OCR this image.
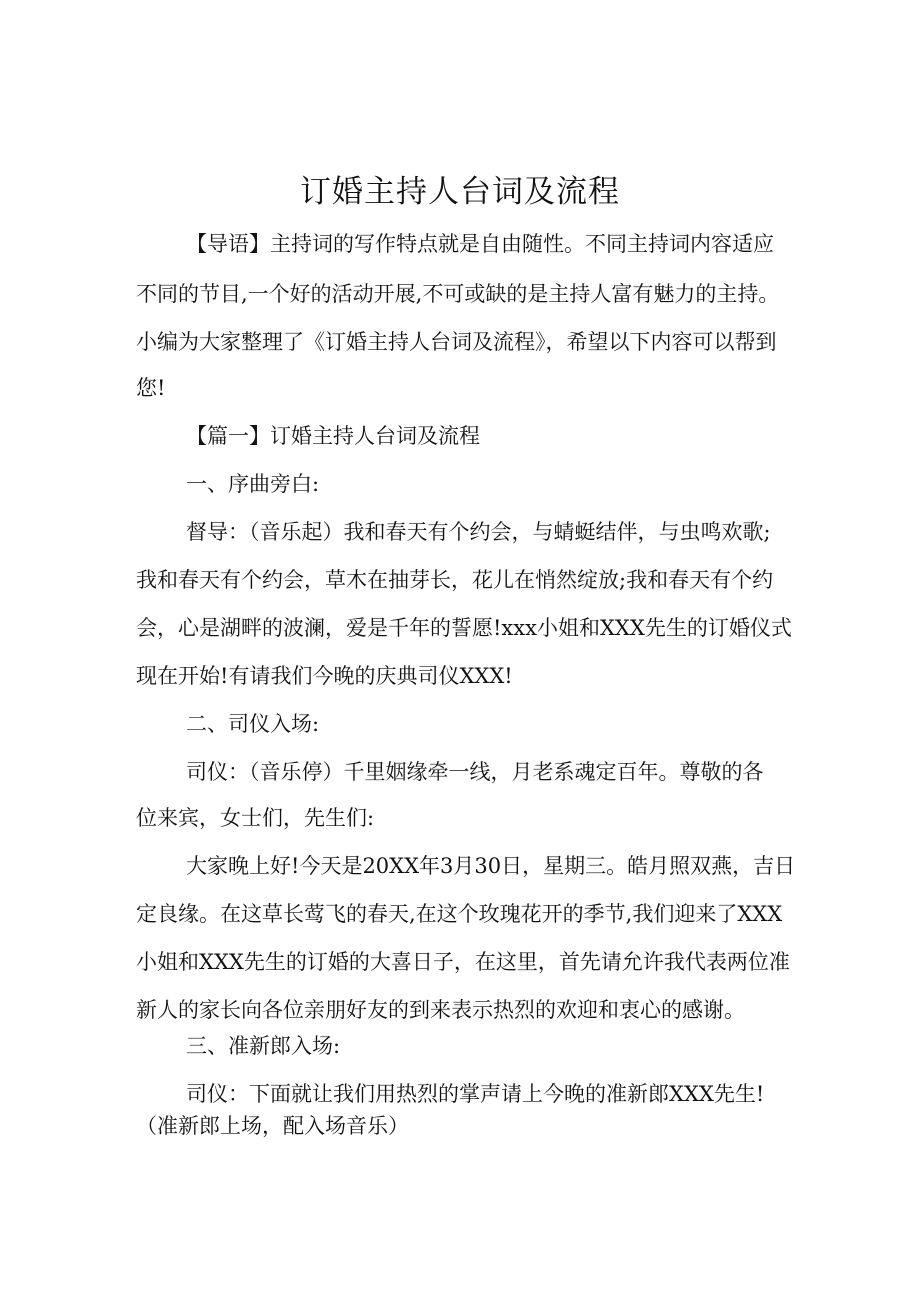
订婚主持人台词及流程

【导语】主持词的写作特点就是自由随性。不同主持词内容适应

不同的节目,一个好的活动开展,不可或缺的是主持人富有魅力的主持。

小编为大家整理了《订婚主持人台词及流程》，希望以下内容可以帮到

您!

【篇一】订婚主持人台词及流程

一、序曲旁白:

督导：（音乐起）我和春天有个约会，与蜻蜓结伴，与虫鸣欢歌;

我和春天有个约会，草木在抽芽长，花儿在悄然绽放;我和春天有个约

会，心是湖畔的波澜，爱是千年的誓愿!xxx小姐和XXX先生的订婚仪式

现在开始!有请我们今晚的庆典司仪XXX!

二、司仪入场:

司仪：（音乐停）千里姻缘牵一线，月老系魂定百年。尊敬的各

位来宾，女士们，先生们:

大家晚上好!今天是20XX年3月30日，星期三。皓月照双燕，吉日

定良缘。在这草长莺飞的春天,在这个玫瑰花开的季节,我们迎来了XXX

小姐和XXX先生的订婚的大喜日子，在这里，首先请允许我代表两位准

新人的家长向各位亲朋好友的到来表示热烈的欢迎和衷心的感谢。

三、准新郎入场:

司仪：下面就让我们用热烈的掌声请上今晚的准新郎XXX先生!

（准新郎上场，配入场音乐）
